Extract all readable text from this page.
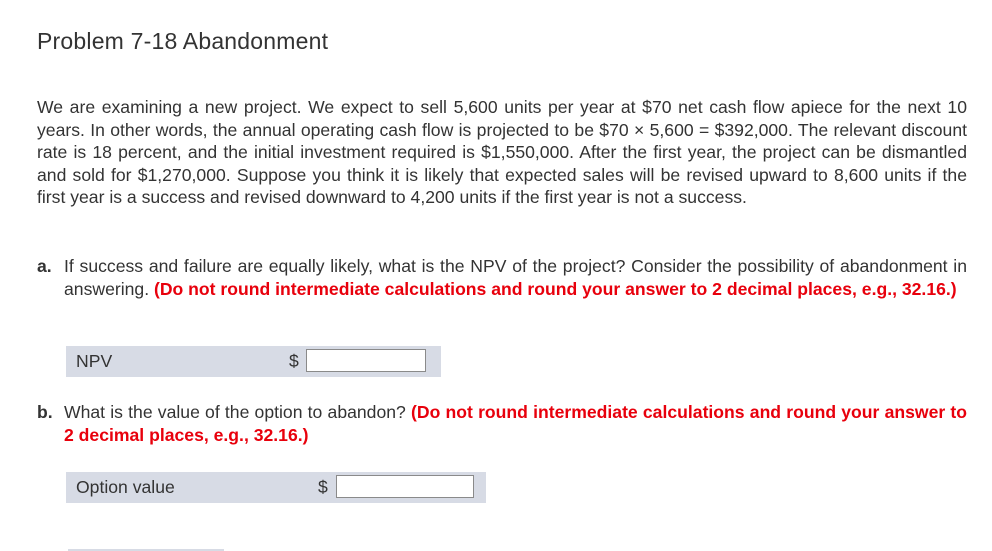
Problem 7-18 Abandonment
We are examining a new project. We expect to sell 5,600 units per year at $70 net cash flow apiece for the next 10 years. In other words, the annual operating cash flow is projected to be $70 × 5,600 = $392,000. The relevant discount rate is 18 percent, and the initial investment required is $1,550,000. After the first year, the project can be dismantled and sold for $1,270,000. Suppose you think it is likely that expected sales will be revised upward to 8,600 units if the first year is a success and revised downward to 4,200 units if the first year is not a success.
a. If success and failure are equally likely, what is the NPV of the project? Consider the possibility of abandonment in answering. (Do not round intermediate calculations and round your answer to 2 decimal places, e.g., 32.16.)
NPV	$
b. What is the value of the option to abandon? (Do not round intermediate calculations and round your answer to 2 decimal places, e.g., 32.16.)
Option value	$
